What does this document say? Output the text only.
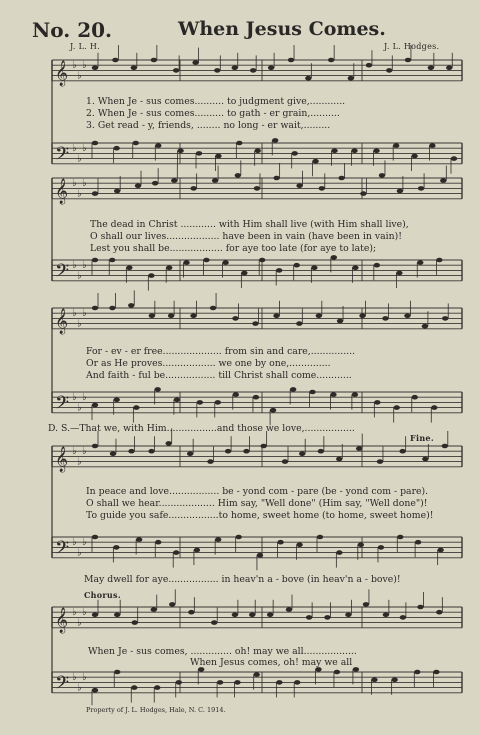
𝄞 ♭
♭
♭
𝄢 ♭
♭
♭
𝄞 ♭
♭
♭
𝄢 ♭
♭
♭
𝄞 ♭
♭
♭
𝄢 ♭
♭
♭
𝄞 ♭
♭
♭
𝄢 ♭
♭
♭
𝄞 ♭
♭
♭
𝄢 ♭
♭
♭
No. 20.	When Jesus Comes.
J. L. H.	J. L. Hodges.
1. When Je - sus comes.......... to judgment give,............
2. When Je - sus comes.......... to gath - er grain,..........
3. Get read - y, friends, ........ no long - er wait,.........
The dead in Christ ............ with Him shall live (with Him shall live),
O shall our lives.................. have been in vain (have been in vain)!
Lest you shall be.................. for aye too late (for aye to late);
For - ev - er free.................... from sin and care,...............
Or as He proves.................. we one by one,..............
And faith - ful be................. till Christ shall come............
D. S.—That we, with Him.................and those we love,.................
Fine.
In peace and love................. be - yond com - pare (be - yond com - pare).
O shall we hear................... Him say, "Well done" (Him say, "Well done")!
To guide you safe.................to home, sweet home (to home, sweet home)!
May dwell for aye................. in heav'n a - bove (in heav'n a - bove)!
Chorus.
When Je - sus comes, .............. oh! may we all..................
When Jesus comes, oh! may we all
Property of J. L. Hodges, Hale, N. C. 1914.
